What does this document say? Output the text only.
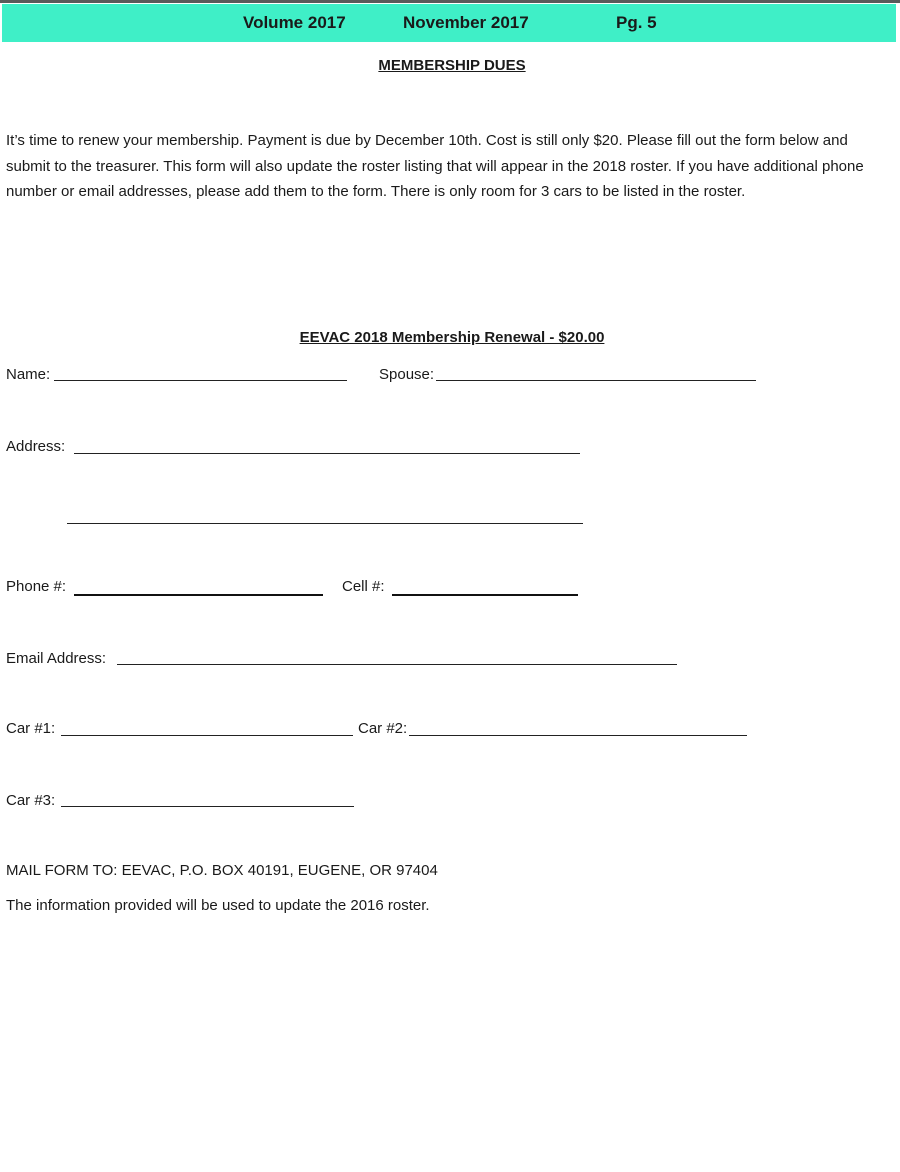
Volume 2017	November 2017	Pg. 5
MEMBERSHIP DUES
It’s time to renew your membership. Payment is due by December 10th. Cost is still only $20. Please fill out the form below and submit to the treasurer. This form will also update the roster listing that will appear in the 2018 roster. If you have additional phone number or email addresses, please add them to the form. There is only room for 3 cars to be listed in the roster.
EEVAC 2018 Membership Renewal - $20.00
Name:	Spouse:
Address:
Phone #:	Cell #:
Email Address:
Car #1:	Car #2:
Car #3:
MAIL FORM TO: EEVAC, P.O. BOX 40191, EUGENE, OR 97404
The information provided will be used to update the 2016 roster.
